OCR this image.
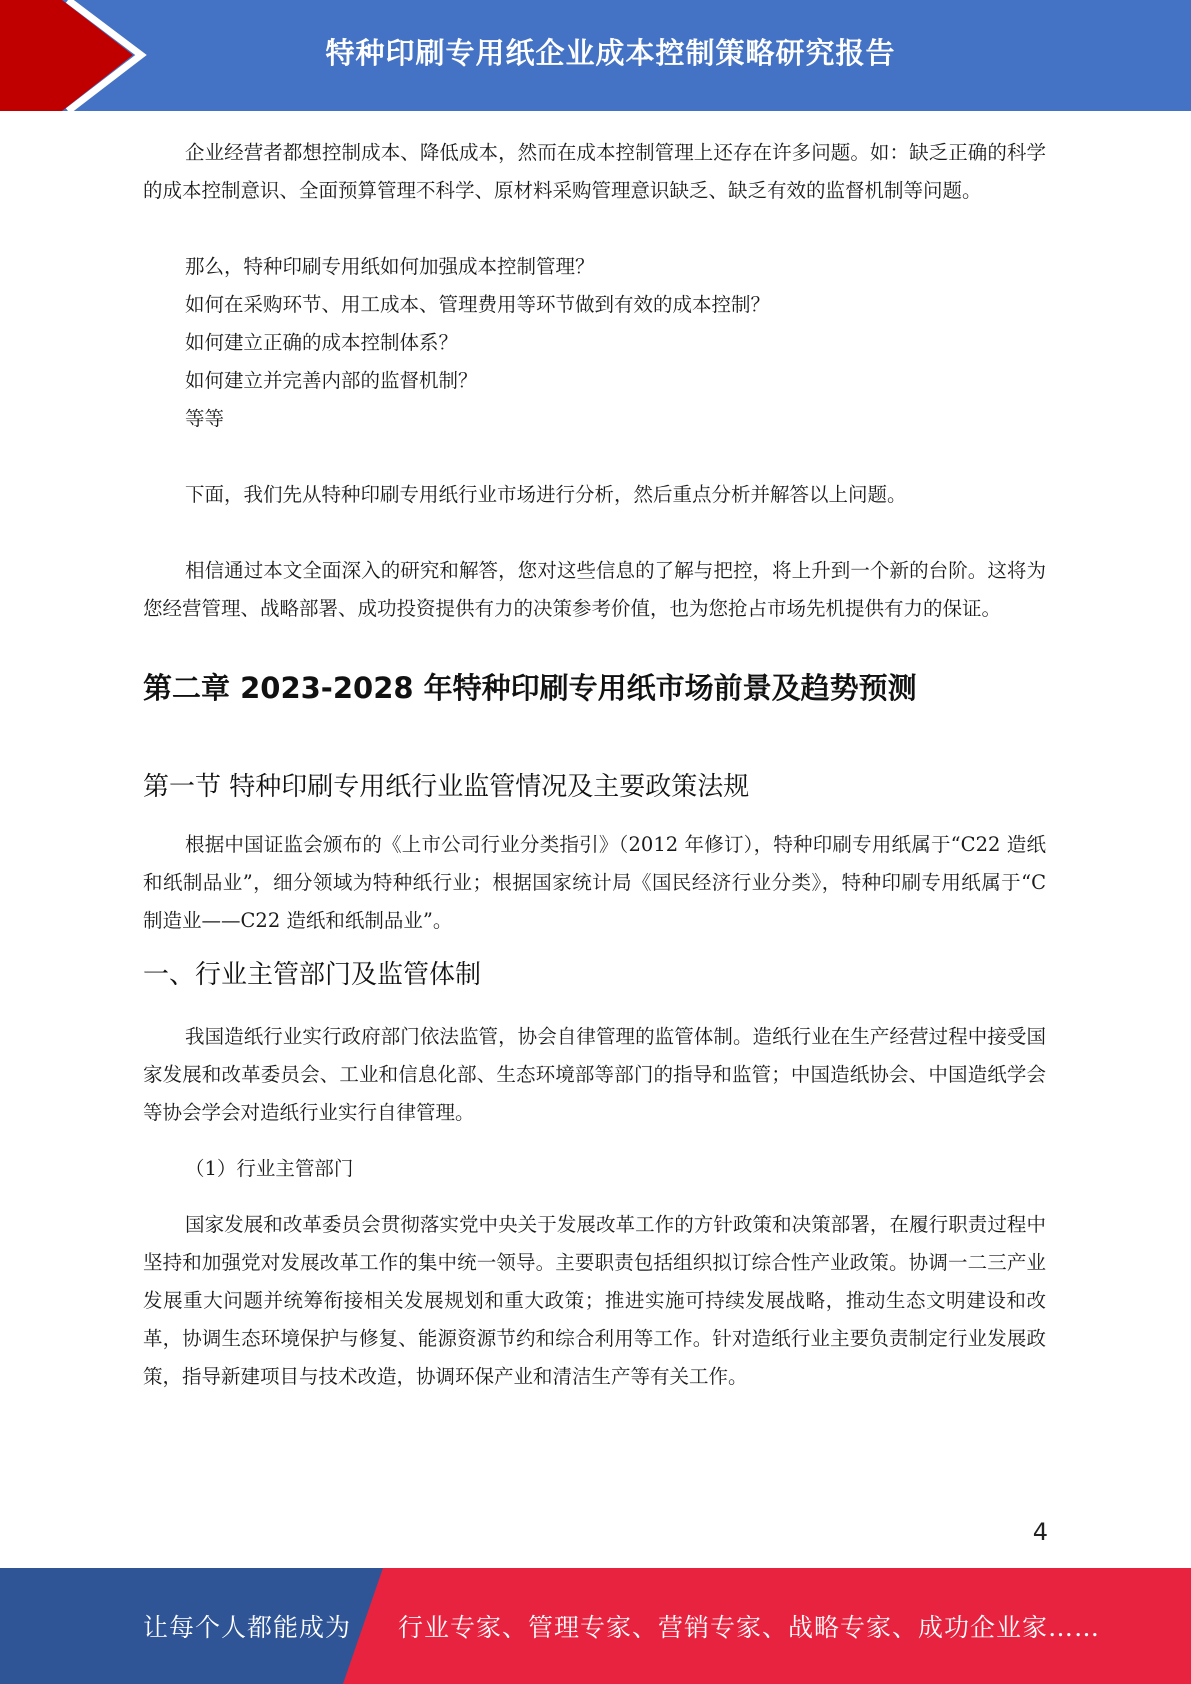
特种印刷专用纸企业成本控制策略研究报告

企业经营者都想控制成本、降低成本，然而在成本控制管理上还存在许多问题。如：缺乏正确的科学的成本控制意识、全面预算管理不科学、原材料采购管理意识缺乏、缺乏有效的监督机制等问题。

那么，特种印刷专用纸如何加强成本控制管理？
如何在采购环节、用工成本、管理费用等环节做到有效的成本控制？
如何建立正确的成本控制体系？
如何建立并完善内部的监督机制？
等等

下面，我们先从特种印刷专用纸行业市场进行分析，然后重点分析并解答以上问题。

相信通过本文全面深入的研究和解答，您对这些信息的了解与把控，将上升到一个新的台阶。这将为您经营管理、战略部署、成功投资提供有力的决策参考价值，也为您抢占市场先机提供有力的保证。

第二章 2023-2028 年特种印刷专用纸市场前景及趋势预测
第一节 特种印刷专用纸行业监管情况及主要政策法规

根据中国证监会颁布的《上市公司行业分类指引》（2012 年修订），特种印刷专用纸属于“C22 造纸和纸制品业”，细分领域为特种纸行业；根据国家统计局《国民经济行业分类》，特种印刷专用纸属于“C 制造业——C22 造纸和纸制品业”。

一、行业主管部门及监管体制

我国造纸行业实行政府部门依法监管，协会自律管理的监管体制。造纸行业在生产经营过程中接受国家发展和改革委员会、工业和信息化部、生态环境部等部门的指导和监管；中国造纸协会、中国造纸学会等协会学会对造纸行业实行自律管理。

（1）行业主管部门

国家发展和改革委员会贯彻落实党中央关于发展改革工作的方针政策和决策部署，在履行职责过程中坚持和加强党对发展改革工作的集中统一领导。主要职责包括组织拟订综合性产业政策。协调一二三产业发展重大问题并统筹衔接相关发展规划和重大政策；推进实施可持续发展战略，推动生态文明建设和改革，协调生态环境保护与修复、能源资源节约和综合利用等工作。针对造纸行业主要负责制定行业发展政策，指导新建项目与技术改造，协调环保产业和清洁生产等有关工作。

4
让每个人都能成为 行业专家、管理专家、营销专家、战略专家、成功企业家……
